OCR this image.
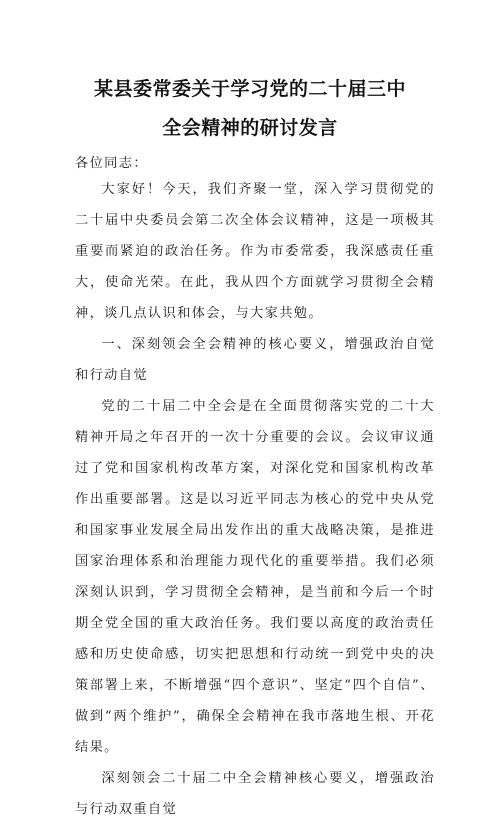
某县委常委关于学习党的二十届三中
全会精神的研讨发言

各位同志：

大家好！今天，我们齐聚一堂，深入学习贯彻党的二十届中央委员会第二次全体会议精神，这是一项极其重要而紧迫的政治任务。作为市委常委，我深感责任重大，使命光荣。在此，我从四个方面就学习贯彻全会精神，谈几点认识和体会，与大家共勉。

一、深刻领会全会精神的核心要义，增强政治自觉和行动自觉

党的二十届二中全会是在全面贯彻落实党的二十大精神开局之年召开的一次十分重要的会议。会议审议通过了党和国家机构改革方案，对深化党和国家机构改革作出重要部署。这是以习近平同志为核心的党中央从党和国家事业发展全局出发作出的重大战略决策，是推进国家治理体系和治理能力现代化的重要举措。我们必须深刻认识到，学习贯彻全会精神，是当前和今后一个时期全党全国的重大政治任务。我们要以高度的政治责任感和历史使命感，切实把思想和行动统一到党中央的决策部署上来，不断增强“四个意识”、坚定“四个自信”、做到“两个维护”，确保全会精神在我市落地生根、开花结果。

深刻领会二十届二中全会精神核心要义，增强政治与行动双重自觉
